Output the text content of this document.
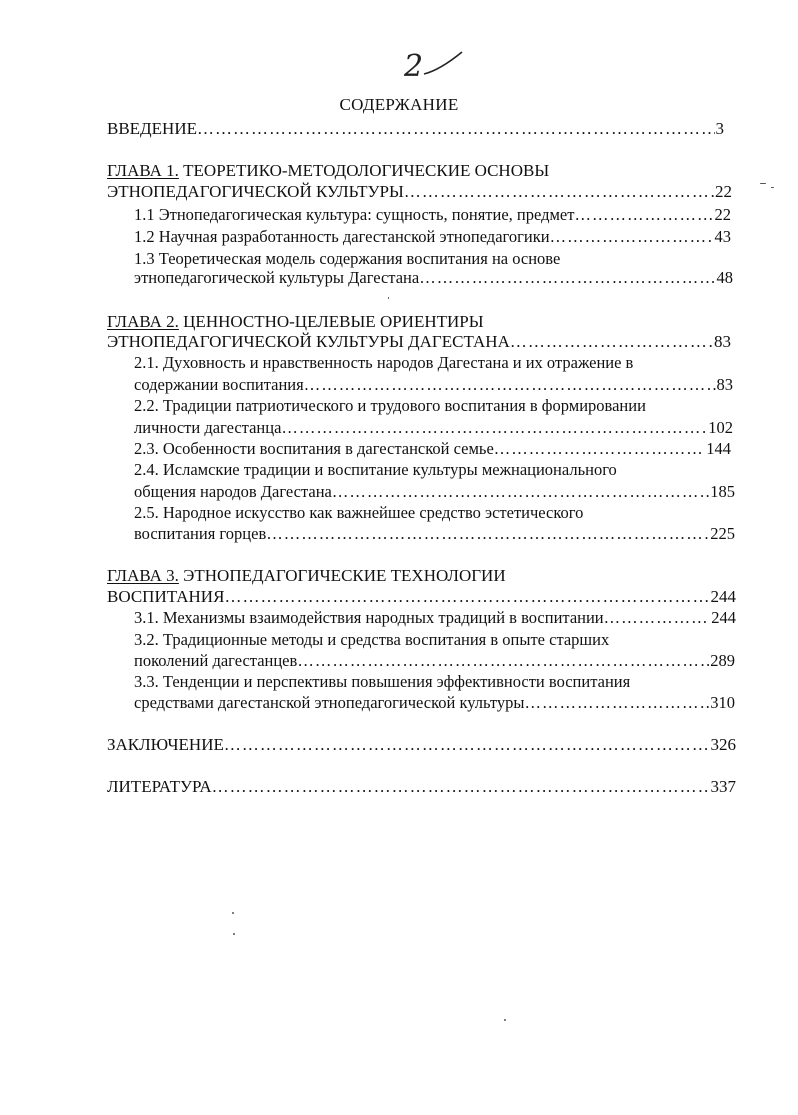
2
СОДЕРЖАНИЕ
ВВЕДЕНИЕ ……………………………………………………………………………………………………………………………………………………………………………………………………………………	3
ГЛАВА 1. ТЕОРЕТИКО-МЕТОДОЛОГИЧЕСКИЕ ОСНОВЫ
ЭТНОПЕДАГОГИЧЕСКОЙ КУЛЬТУРЫ ……………………………………………………………………………………………………………………………………………………………………………………………………………………	22
1.1 Этнопедагогическая культура: сущность, понятие, предмет ……………………………………………………………………………………………………………………………………………………………………………………………………………………	22
1.2 Научная разработанность дагестанской этнопедагогики ……………………………………………………………………………………………………………………………………………………………………………………………………………………	43
1.3 Теоретическая модель содержания воспитания на основе
этнопедагогической культуры Дагестана ……………………………………………………………………………………………………………………………………………………………………………………………………………………	48
ГЛАВА 2. ЦЕННОСТНО-ЦЕЛЕВЫЕ ОРИЕНТИРЫ
ЭТНОПЕДАГОГИЧЕСКОЙ КУЛЬТУРЫ ДАГЕСТАНА ……………………………………………………………………………………………………………………………………………………………………………………………………………………	83
2.1. Духовность и нравственность народов Дагестана и их отражение в
содержании воспитания ……………………………………………………………………………………………………………………………………………………………………………………………………………………	83
2.2. Традиции патриотического и трудового воспитания в формировании
личности дагестанца ……………………………………………………………………………………………………………………………………………………………………………………………………………………	102
2.3. Особенности воспитания в дагестанской семье ……………………………………………………………………………………………………………………………………………………………………………………………………………………	144
2.4. Исламские традиции и воспитание культуры межнационального
общения народов Дагестана ……………………………………………………………………………………………………………………………………………………………………………………………………………………	185
2.5. Народное искусство как важнейшее средство эстетического
воспитания горцев ……………………………………………………………………………………………………………………………………………………………………………………………………………………	225
ГЛАВА 3. ЭТНОПЕДАГОГИЧЕСКИЕ ТЕХНОЛОГИИ
ВОСПИТАНИЯ ……………………………………………………………………………………………………………………………………………………………………………………………………………………	244
3.1. Механизмы взаимодействия народных традиций в воспитании ……………………………………………………………………………………………………………………………………………………………………………………………………………………	244
3.2. Традиционные методы и средства воспитания в опыте старших
поколений дагестанцев ……………………………………………………………………………………………………………………………………………………………………………………………………………………	289
3.3. Тенденции и перспективы повышения эффективности воспитания
средствами дагестанской этнопедагогической культуры ……………………………………………………………………………………………………………………………………………………………………………………………………………………	310
ЗАКЛЮЧЕНИЕ ……………………………………………………………………………………………………………………………………………………………………………………………………………………	326
ЛИТЕРАТУРА ……………………………………………………………………………………………………………………………………………………………………………………………………………………	337
